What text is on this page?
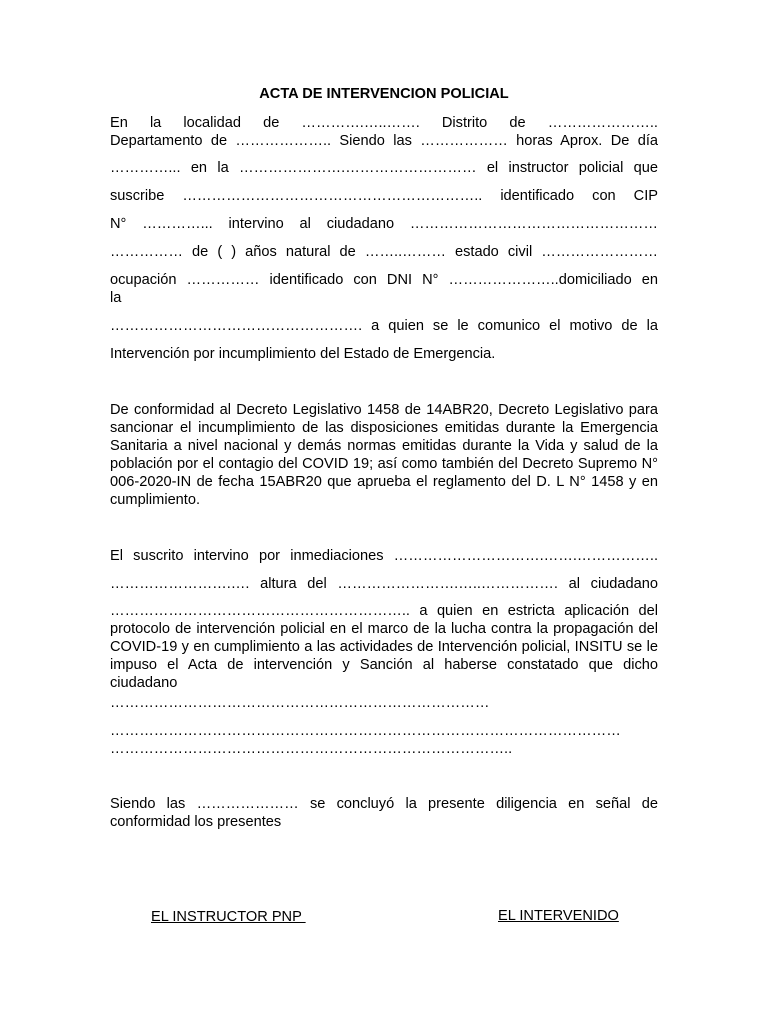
ACTA DE INTERVENCION POLICIAL

En la localidad de ………….…..……. Distrito de …………………..

Departamento de ……………….. Siendo las ……………… horas Aprox. De día

…………... en la ………………….……………………… el instructor policial que

suscribe …………………………………………………….. identificado con CIP

N° …………... intervino al ciudadano ……………………………………………

…………… de ( ) años natural de ……..……… estado civil ……………………

ocupación …………… identificado con DNI N° …………………..domiciliado en

la

……………………………………………. a quien se le comunico el motivo de la

Intervención por incumplimiento del Estado de Emergencia.

De conformidad al Decreto Legislativo 1458 de 14ABR20, Decreto Legislativo para sancionar el incumplimiento de las disposiciones emitidas durante la Emergencia Sanitaria a nivel nacional y demás normas emitidas durante la Vida y salud de la población por el contagio del COVID 19; así como también del Decreto Supremo N° 006-2020-IN de fecha 15ABR20 que aprueba el reglamento del D. L N° 1458 y en cumplimiento.

El suscrito intervino por inmediaciones ………………………….…….……………..

…………………….…. altura del …………………….…..……………. al ciudadano

…………………………………………………….. a quien en estricta aplicación del protocolo de intervención policial en el marco de la lucha contra la propagación del COVID-19 y en cumplimiento a las actividades de Intervención policial, INSITU se le impuso el Acta de intervención y Sanción al haberse constatado que dicho ciudadano

……………………………………………………………………

……………………………………………………………………………………………

………………………………………………………………………..

Siendo las ………………… se concluyó la presente diligencia en señal de conformidad los presentes

EL INSTRUCTOR PNP	EL INTERVENIDO
